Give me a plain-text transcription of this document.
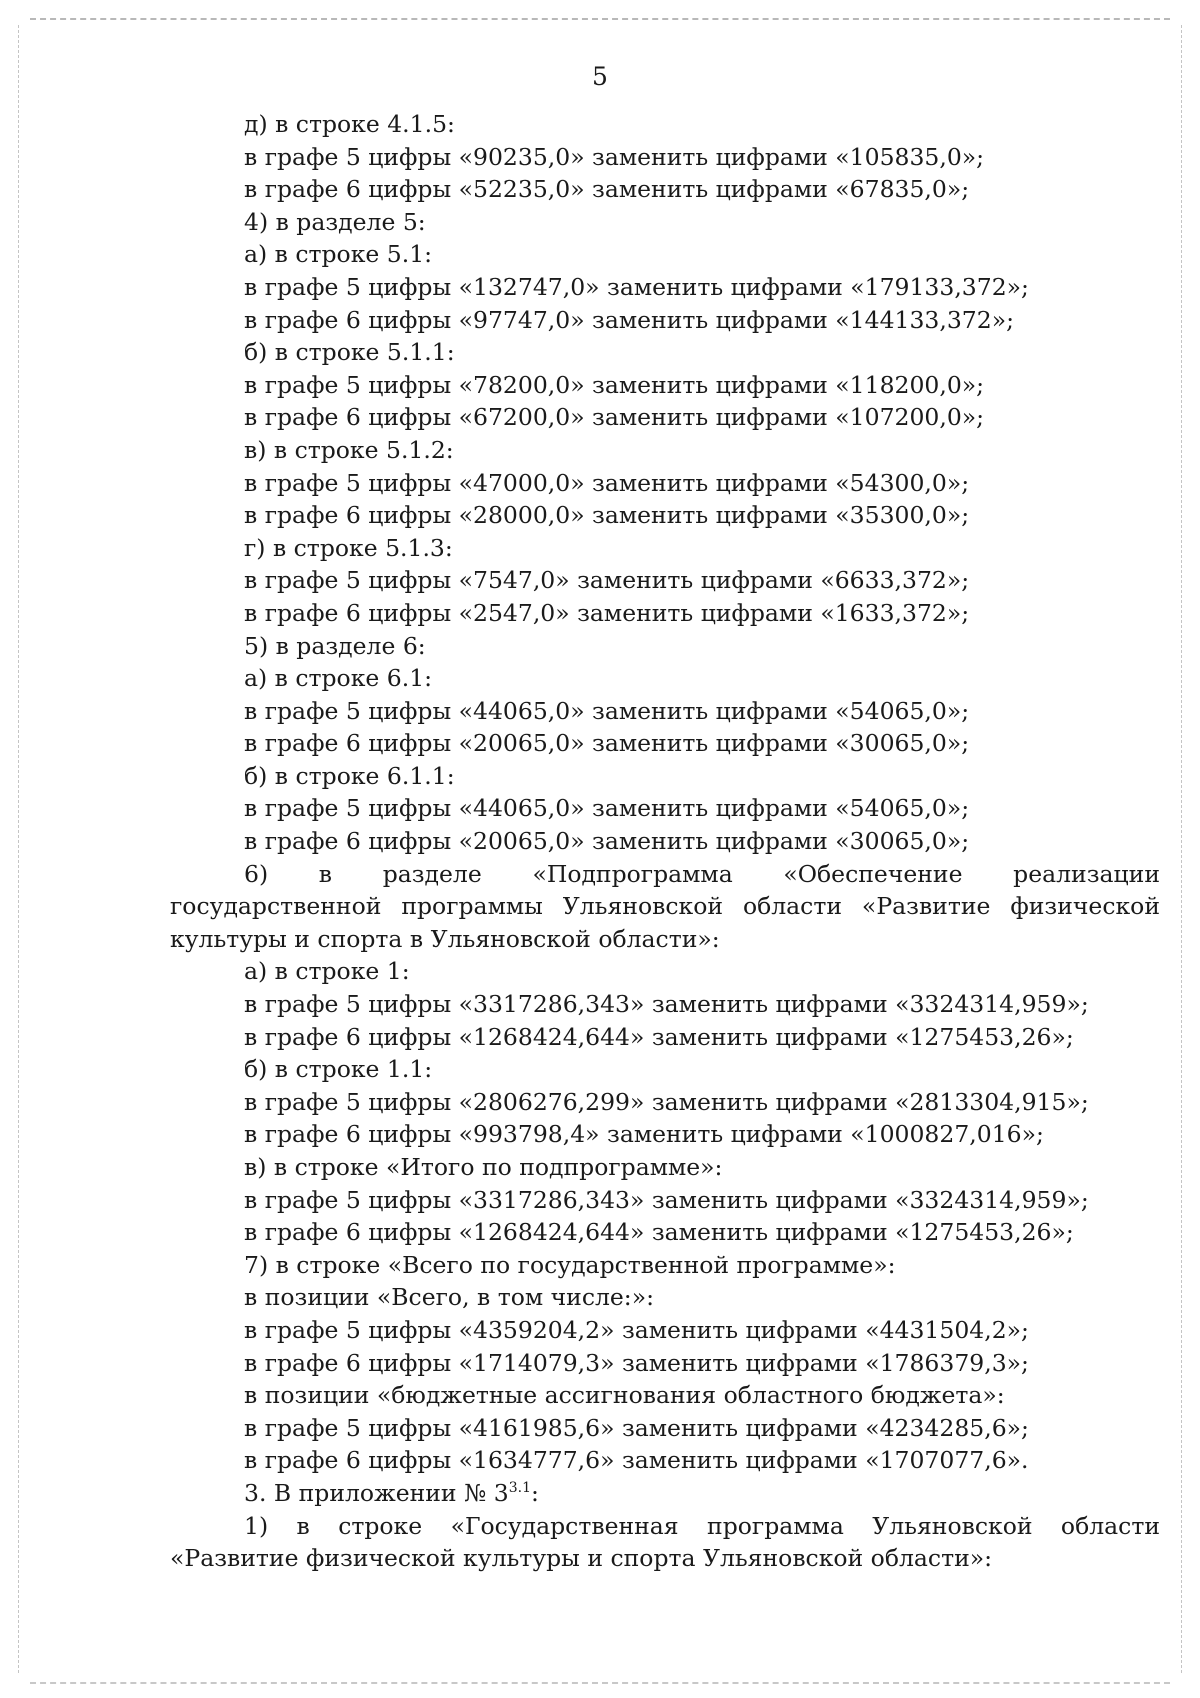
5
д) в строке 4.1.5:
в графе 5 цифры «90235,0» заменить цифрами «105835,0»;
в графе 6 цифры «52235,0» заменить цифрами «67835,0»;
4) в разделе 5:
а) в строке 5.1:
в графе 5 цифры «132747,0» заменить цифрами «179133,372»;
в графе 6 цифры «97747,0» заменить цифрами «144133,372»;
б) в строке 5.1.1:
в графе 5 цифры «78200,0» заменить цифрами «118200,0»;
в графе 6 цифры «67200,0» заменить цифрами «107200,0»;
в) в строке 5.1.2:
в графе 5 цифры «47000,0» заменить цифрами «54300,0»;
в графе 6 цифры «28000,0» заменить цифрами «35300,0»;
г) в строке 5.1.3:
в графе 5 цифры «7547,0» заменить цифрами «6633,372»;
в графе 6 цифры «2547,0» заменить цифрами «1633,372»;
5) в разделе 6:
а) в строке 6.1:
в графе 5 цифры «44065,0» заменить цифрами «54065,0»;
в графе 6 цифры «20065,0» заменить цифрами «30065,0»;
б) в строке 6.1.1:
в графе 5 цифры «44065,0» заменить цифрами «54065,0»;
в графе 6 цифры «20065,0» заменить цифрами «30065,0»;
6) в разделе «Подпрограмма «Обеспечение реализации государственной программы Ульяновской области «Развитие физической культуры и спорта в Ульяновской области»:
а) в строке 1:
в графе 5 цифры «3317286,343» заменить цифрами «3324314,959»;
в графе 6 цифры «1268424,644» заменить цифрами «1275453,26»;
б) в строке 1.1:
в графе 5 цифры «2806276,299» заменить цифрами «2813304,915»;
в графе 6 цифры «993798,4» заменить цифрами «1000827,016»;
в) в строке «Итого по подпрограмме»:
в графе 5 цифры «3317286,343» заменить цифрами «3324314,959»;
в графе 6 цифры «1268424,644» заменить цифрами «1275453,26»;
7) в строке «Всего по государственной программе»:
в позиции «Всего, в том числе:»:
в графе 5 цифры «4359204,2» заменить цифрами «4431504,2»;
в графе 6 цифры «1714079,3» заменить цифрами «1786379,3»;
в позиции «бюджетные ассигнования областного бюджета»:
в графе 5 цифры «4161985,6» заменить цифрами «4234285,6»;
в графе 6 цифры «1634777,6» заменить цифрами «1707077,6».
3. В приложении № $3^{3.1}$:
1) в строке «Государственная программа Ульяновской области «Развитие физической культуры и спорта Ульяновской области»:
